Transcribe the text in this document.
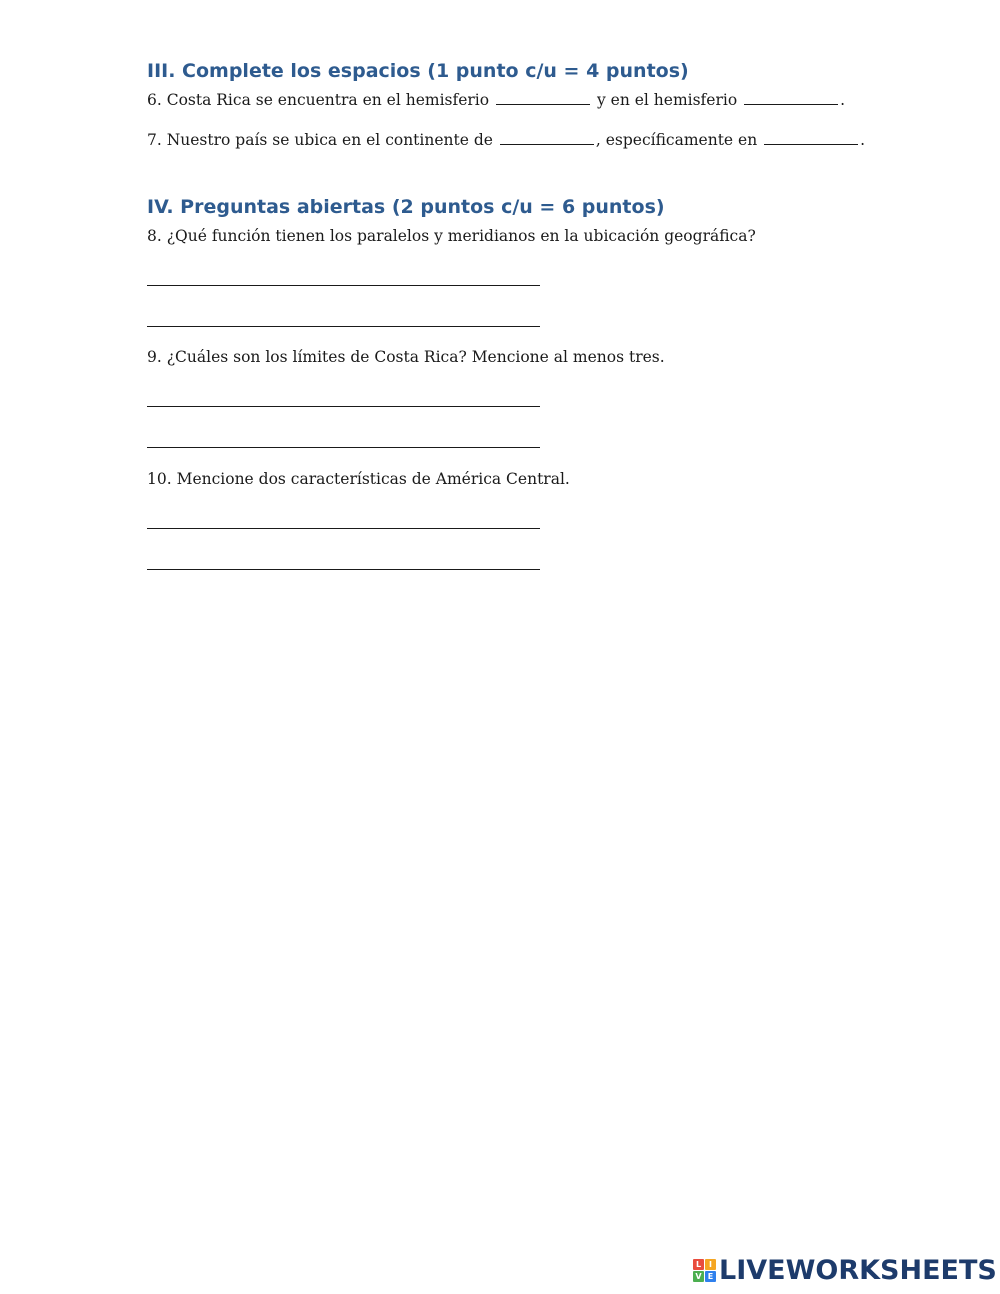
III. Complete los espacios (1 punto c/u = 4 puntos)

6. Costa Rica se encuentra en el hemisferio	y en el hemisferio	.

7. Nuestro país se ubica en el continente de	, específicamente en	.

IV. Preguntas abiertas (2 puntos c/u = 6 puntos)

8. ¿Qué función tienen los paralelos y meridianos en la ubicación geográfica?

9. ¿Cuáles son los límites de Costa Rica? Mencione al menos tres.

10. Mencione dos características de América Central.

L I
V E LIVEWORKSHEETS
